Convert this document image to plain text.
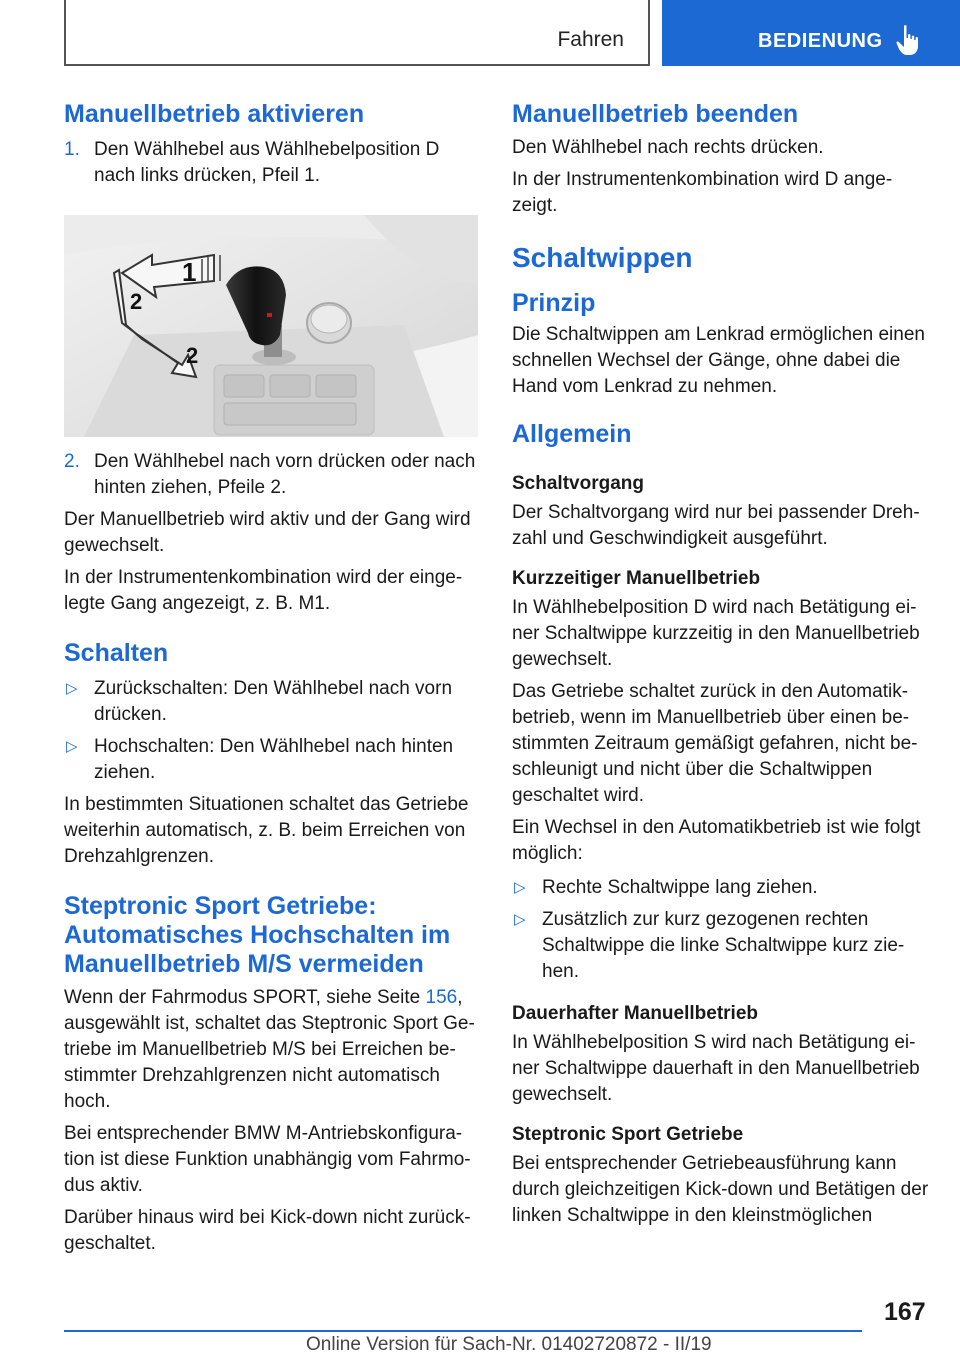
Fahren	BEDIENUNG
Manuellbetrieb aktivieren
1. Den Wählhebel aus Wählhebelposition D nach links drücken, Pfeil 1.
1
2
2
2. Den Wählhebel nach vorn drücken oder nach hinten ziehen, Pfeile 2.

Der Manuellbetrieb wird aktiv und der Gang wird gewechselt.

In der Instrumentenkombination wird der einge‐legte Gang angezeigt, z. B. M1.

Schalten
▷ Zurückschalten: Den Wählhebel nach vorn drücken.
▷ Hochschalten: Den Wählhebel nach hinten ziehen.

In bestimmten Situationen schaltet das Getriebe weiterhin automatisch, z. B. beim Erreichen von Drehzahlgrenzen.

Steptronic Sport Getriebe: Automatisches Hochschalten im Manuellbetrieb M/S vermeiden

Wenn der Fahrmodus SPORT, siehe Seite 156, ausgewählt ist, schaltet das Steptronic Sport Ge‐triebe im Manuellbetrieb M/S bei Erreichen be‐stimmter Drehzahlgrenzen nicht automatisch hoch.

Bei entsprechender BMW M-Antriebskonfigura‐tion ist diese Funktion unabhängig vom Fahrmo‐dus aktiv.

Darüber hinaus wird bei Kick-down nicht zurück‐geschaltet.

Manuellbetrieb beenden

Den Wählhebel nach rechts drücken.

In der Instrumentenkombination wird D ange‐zeigt.

Schaltwippen
Prinzip

Die Schaltwippen am Lenkrad ermöglichen einen schnellen Wechsel der Gänge, ohne dabei die Hand vom Lenkrad zu nehmen.

Allgemein
Schaltvorgang

Der Schaltvorgang wird nur bei passender Dreh‐zahl und Geschwindigkeit ausgeführt.

Kurzzeitiger Manuellbetrieb

In Wählhebelposition D wird nach Betätigung ei‐ner Schaltwippe kurzzeitig in den Manuellbetrieb gewechselt.

Das Getriebe schaltet zurück in den Automatik‐betrieb, wenn im Manuellbetrieb über einen be‐stimmten Zeitraum gemäßigt gefahren, nicht be‐schleunigt und nicht über die Schaltwippen geschaltet wird.

Ein Wechsel in den Automatikbetrieb ist wie folgt möglich:

▷ Rechte Schaltwippe lang ziehen.
▷ Zusätzlich zur kurz gezogenen rechten Schaltwippe die linke Schaltwippe kurz zie‐hen.
Dauerhafter Manuellbetrieb

In Wählhebelposition S wird nach Betätigung ei‐ner Schaltwippe dauerhaft in den Manuellbetrieb gewechselt.

Steptronic Sport Getriebe

Bei entsprechender Getriebeausführung kann durch gleichzeitigen Kick-down und Betätigen der linken Schaltwippe in den kleinstmöglichen

167
Online Version für Sach-Nr. 01402720872 - II/19
